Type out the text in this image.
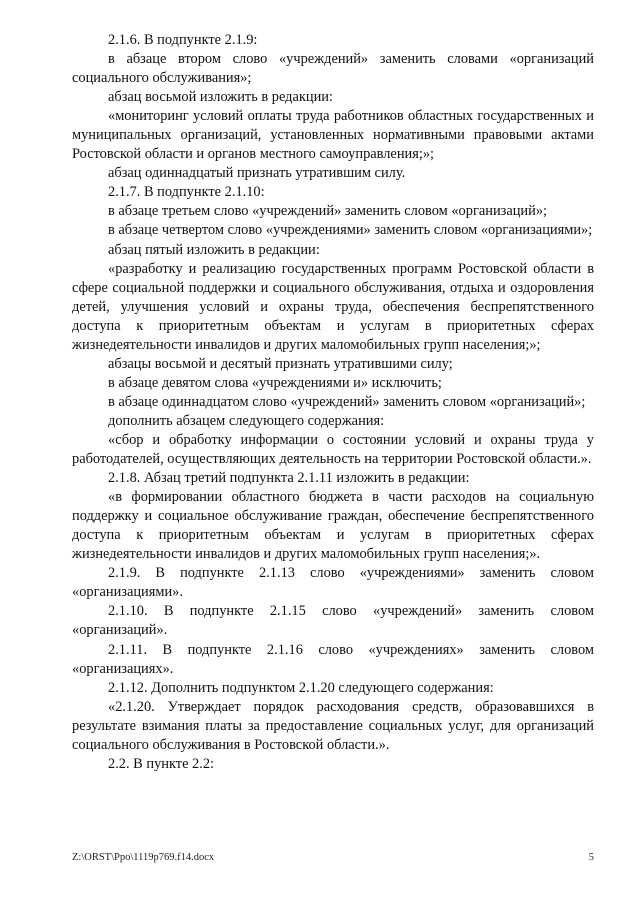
2.1.6. В подпункте 2.1.9:

в абзаце втором слово «учреждений» заменить словами «организаций социального обслуживания»;

абзац восьмой изложить в редакции:

«мониторинг условий оплаты труда работников областных государственных и муниципальных организаций, установленных нормативными правовыми актами Ростовской области и органов местного самоуправления;»;

абзац одиннадцатый признать утратившим силу.

2.1.7. В подпункте 2.1.10:

в абзаце третьем слово «учреждений» заменить словом «организаций»;

в абзаце четвертом слово «учреждениями» заменить словом «организациями»;

абзац пятый изложить в редакции:

«разработку и реализацию государственных программ Ростовской области в сфере социальной поддержки и социального обслуживания, отдыха и оздоровления детей, улучшения условий и охраны труда, обеспечения беспрепятственного доступа к приоритетным объектам и услугам в приоритетных сферах жизнедеятельности инвалидов и других маломобильных групп населения;»;

абзацы восьмой и десятый признать утратившими силу;

в абзаце девятом слова «учреждениями и» исключить;

в абзаце одиннадцатом слово «учреждений» заменить словом «организаций»;

дополнить абзацем следующего содержания:

«сбор и обработку информации о состоянии условий и охраны труда у работодателей, осуществляющих деятельность на территории Ростовской области.».

2.1.8. Абзац третий подпункта 2.1.11 изложить в редакции:

«в формировании областного бюджета в части расходов на социальную поддержку и социальное обслуживание граждан, обеспечение беспрепятственного доступа к приоритетным объектам и услугам в приоритетных сферах жизнедеятельности инвалидов и других маломобильных групп населения;».

2.1.9. В подпункте 2.1.13 слово «учреждениями» заменить словом «организациями».

2.1.10. В подпункте 2.1.15 слово «учреждений» заменить словом «организаций».

2.1.11. В подпункте 2.1.16 слово «учреждениях» заменить словом «организациях».

2.1.12. Дополнить подпунктом 2.1.20 следующего содержания:

«2.1.20. Утверждает порядок расходования средств, образовавшихся в результате взимания платы за предоставление социальных услуг, для организаций социального обслуживания в Ростовской области.».

2.2. В пункте 2.2:

Z:\ORST\Ppo\1119p769.f14.docx	5
